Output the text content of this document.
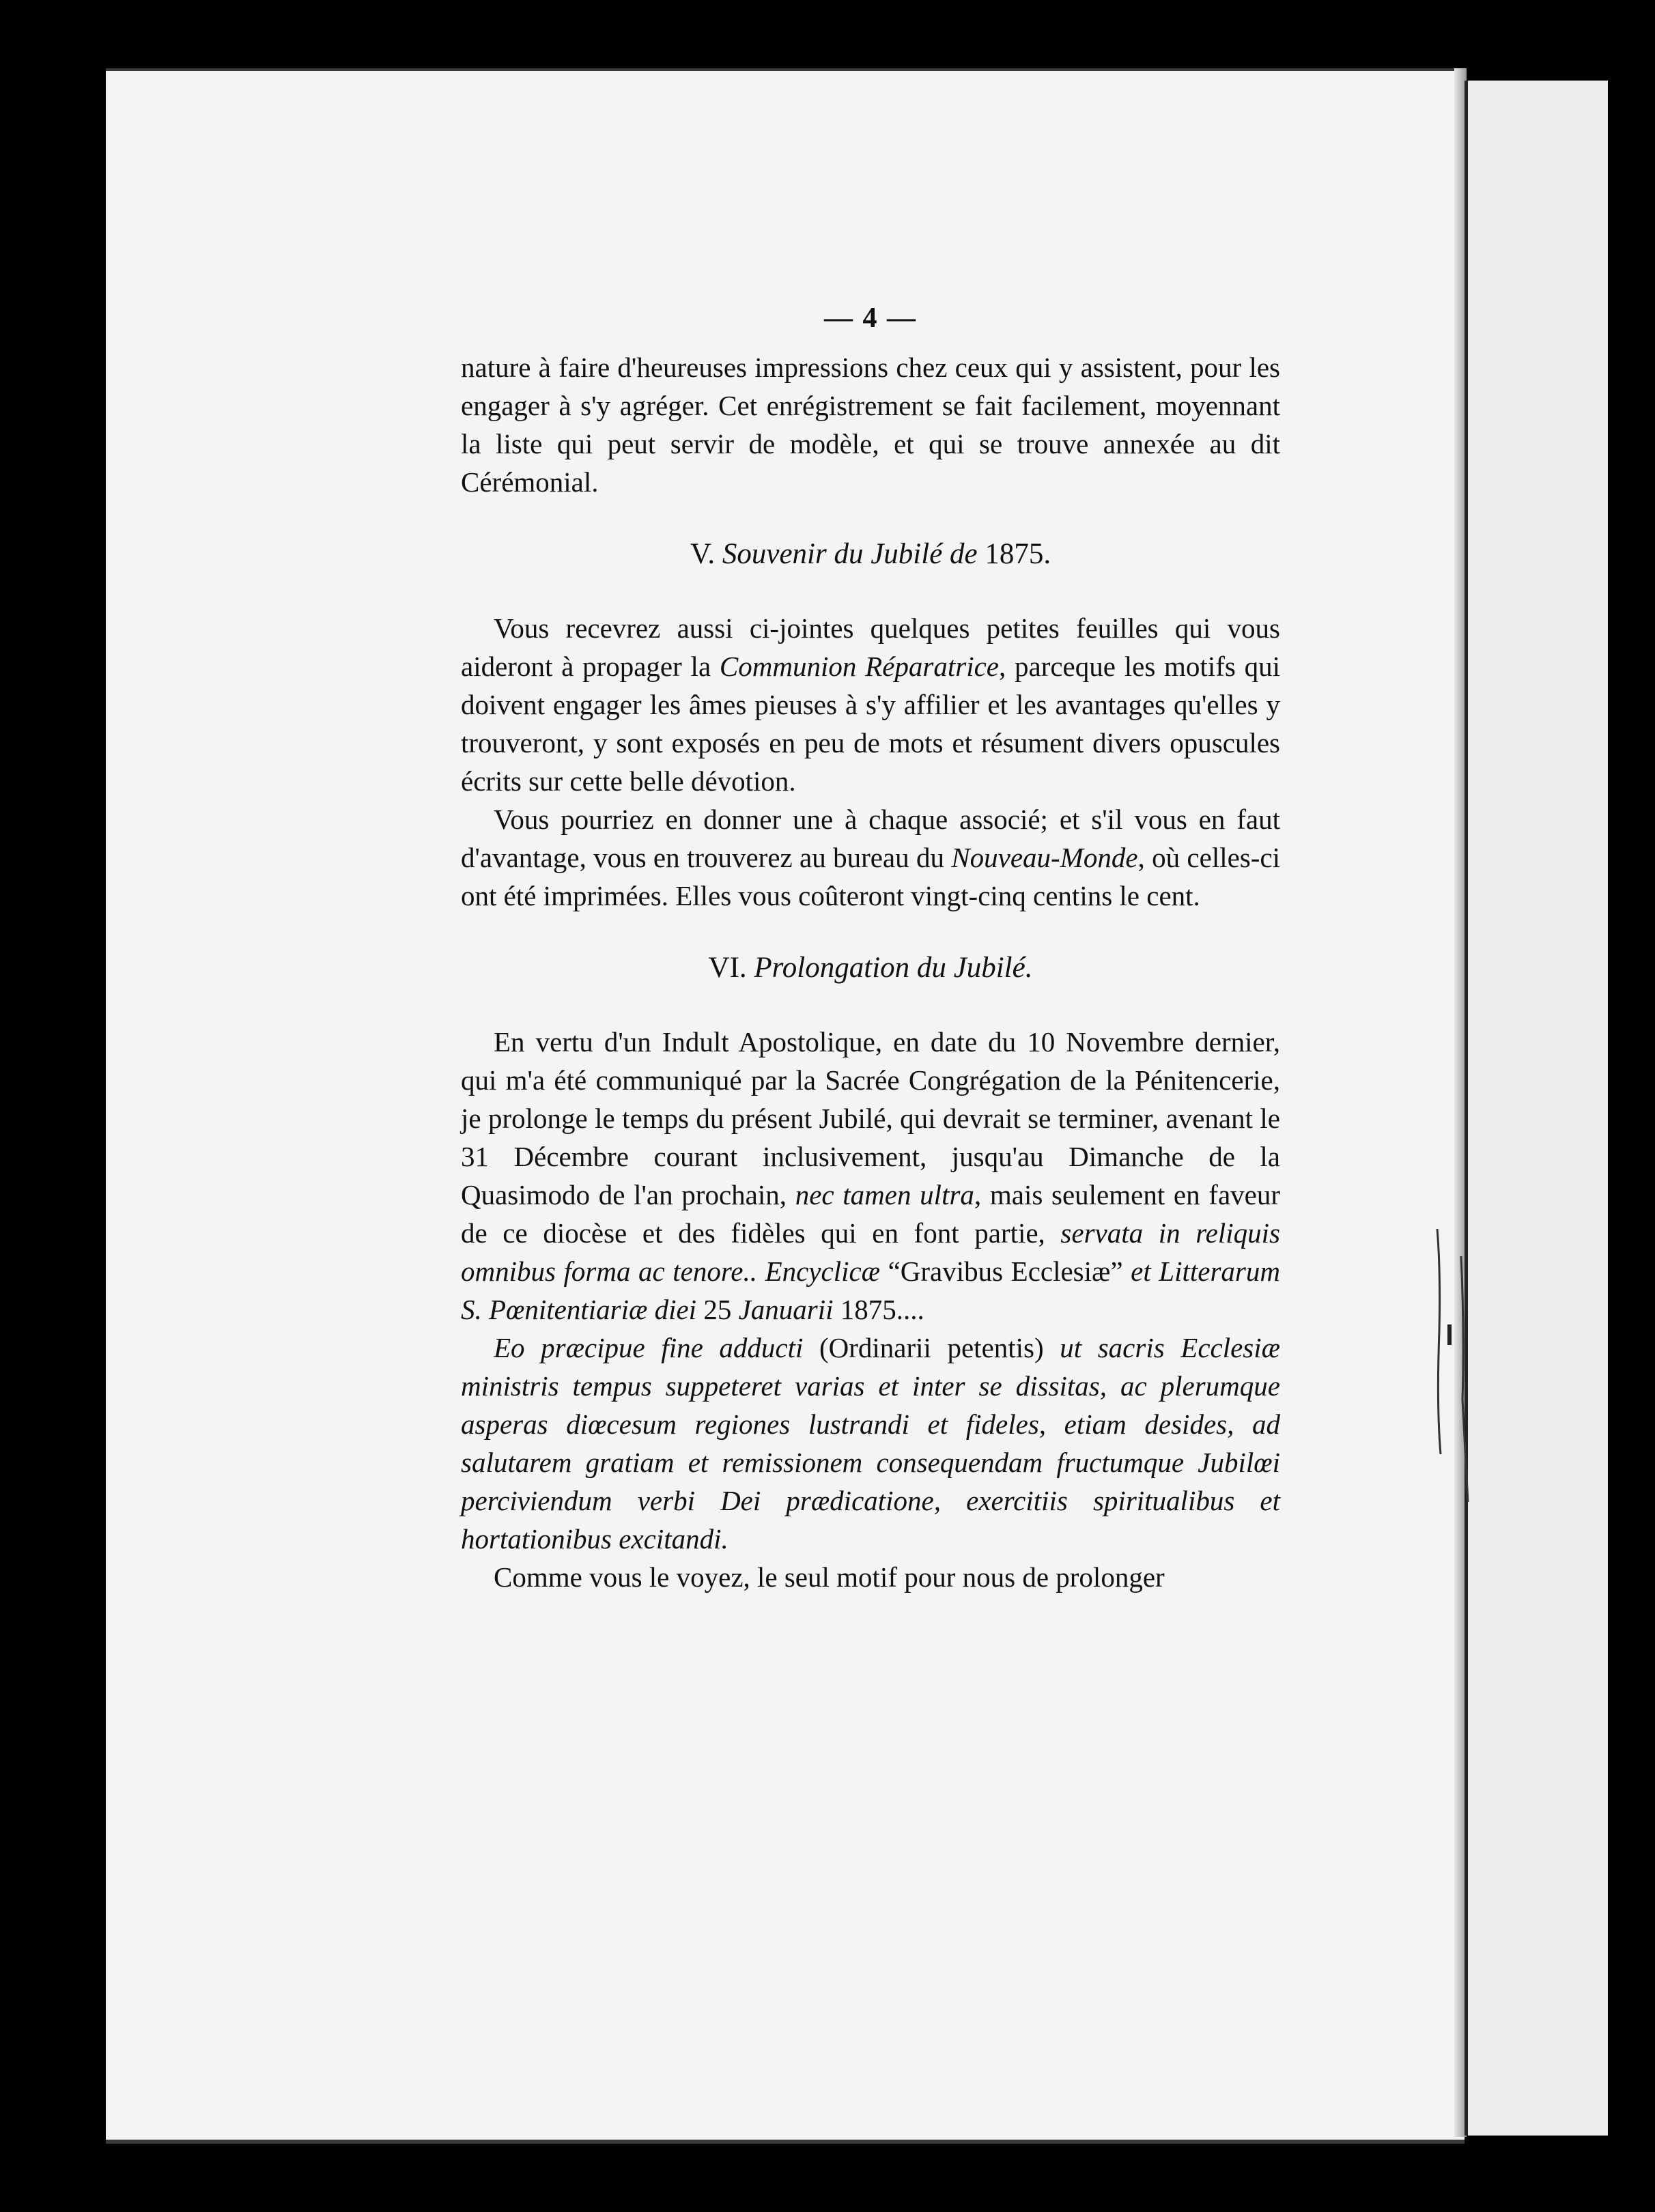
— 4 —

nature à faire d'heureuses impressions chez ceux qui y assistent, pour les engager à s'y agréger. Cet enrégistrement se fait facilement, moyennant la liste qui peut servir de modèle, et qui se trouve annexée au dit Cérémonial.

V. Souvenir du Jubilé de 1875.

Vous recevrez aussi ci-jointes quelques petites feuilles qui vous aideront à propager la Communion Réparatrice, parceque les motifs qui doivent engager les âmes pieuses à s'y affilier et les avantages qu'elles y trouveront, y sont exposés en peu de mots et résument divers opuscules écrits sur cette belle dévotion.

Vous pourriez en donner une à chaque associé; et s'il vous en faut d'avantage, vous en trouverez au bureau du Nouveau-Monde, où celles-ci ont été imprimées. Elles vous coûteront vingt-cinq centins le cent.

VI. Prolongation du Jubilé.

En vertu d'un Indult Apostolique, en date du 10 Novembre dernier, qui m'a été communiqué par la Sacrée Congrégation de la Pénitencerie, je prolonge le temps du présent Jubilé, qui devrait se terminer, avenant le 31 Décembre courant inclusivement, jusqu'au Dimanche de la Quasimodo de l'an prochain, nec tamen ultra, mais seulement en faveur de ce diocèse et des fidèles qui en font partie, servata in reliquis omnibus forma ac tenore.. Encyclicæ “Gravibus Ecclesiæ” et Litterarum S. Pœnitentiariæ diei 25 Januarii 1875....

Eo præcipue fine adducti (Ordinarii petentis) ut sacris Ecclesiæ ministris tempus suppeteret varias et inter se dissitas, ac plerumque asperas diœcesum regiones lustrandi et fideles, etiam desides, ad salutarem gratiam et remissionem consequendam fructumque Jubilœi perciviendum verbi Dei prædicatione, exercitiis spiritualibus et hortationibus excitandi.

Comme vous le voyez, le seul motif pour nous de prolonger
